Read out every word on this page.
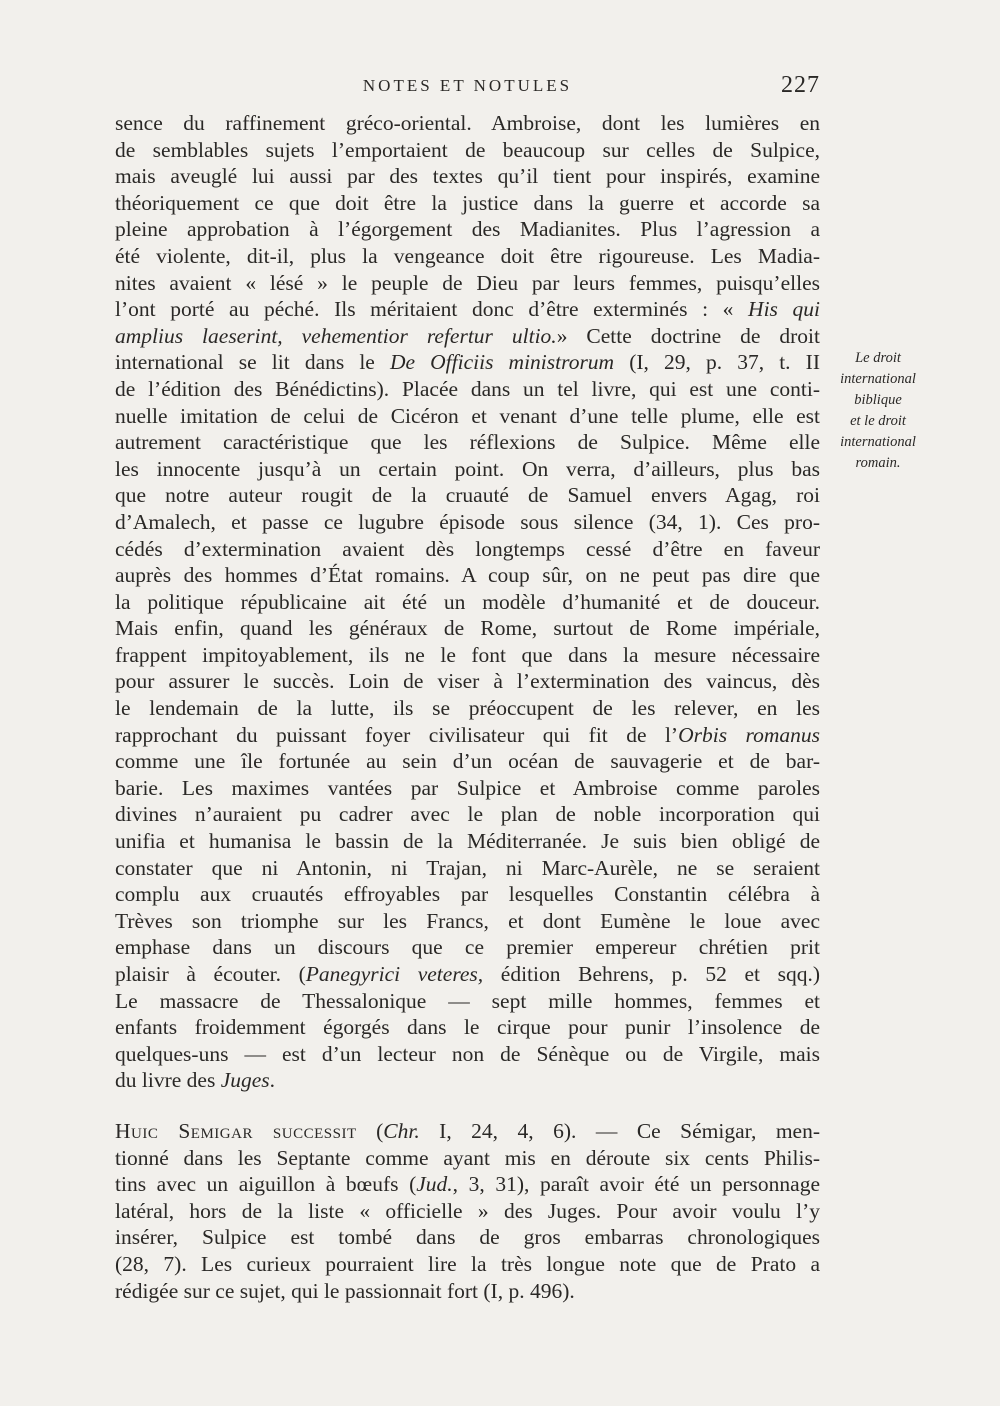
NOTES ET NOTULES	227
sence du raffinement gréco-oriental. Ambroise, dont les lumières en
de semblables sujets l’emportaient de beaucoup sur celles de Sulpice,
mais aveuglé lui aussi par des textes qu’il tient pour inspirés, examine
théoriquement ce que doit être la justice dans la guerre et accorde sa
pleine approbation à l’égorgement des Madianites. Plus l’agression a
été violente, dit-il, plus la vengeance doit être rigoureuse. Les Madia-
nites avaient « lésé » le peuple de Dieu par leurs femmes, puisqu’elles
l’ont porté au péché. Ils méritaient donc d’être exterminés : « His qui
amplius laeserint, vehementior refertur ultio.» Cette doctrine de droit
international se lit dans le De Officiis ministrorum (I, 29, p. 37, t. II
de l’édition des Bénédictins). Placée dans un tel livre, qui est une conti-
nuelle imitation de celui de Cicéron et venant d’une telle plume, elle est
autrement caractéristique que les réflexions de Sulpice. Même elle
les innocente jusqu’à un certain point. On verra, d’ailleurs, plus bas
que notre auteur rougit de la cruauté de Samuel envers Agag, roi
d’Amalech, et passe ce lugubre épisode sous silence (34, 1). Ces pro-
cédés d’extermination avaient dès longtemps cessé d’être en faveur
auprès des hommes d’État romains. A coup sûr, on ne peut pas dire que
la politique républicaine ait été un modèle d’humanité et de douceur.
Mais enfin, quand les généraux de Rome, surtout de Rome impériale,
frappent impitoyablement, ils ne le font que dans la mesure nécessaire
pour assurer le succès. Loin de viser à l’extermination des vaincus, dès
le lendemain de la lutte, ils se préoccupent de les relever, en les
rapprochant du puissant foyer civilisateur qui fit de l’Orbis romanus
comme une île fortunée au sein d’un océan de sauvagerie et de bar-
barie. Les maximes vantées par Sulpice et Ambroise comme paroles
divines n’auraient pu cadrer avec le plan de noble incorporation qui
unifia et humanisa le bassin de la Méditerranée. Je suis bien obligé de
constater que ni Antonin, ni Trajan, ni Marc-Aurèle, ne se seraient
complu aux cruautés effroyables par lesquelles Constantin célébra à
Trèves son triomphe sur les Francs, et dont Eumène le loue avec
emphase dans un discours que ce premier empereur chrétien prit
plaisir à écouter. (Panegyrici veteres, édition Behrens, p. 52 et sqq.)
Le massacre de Thessalonique — sept mille hommes, femmes et
enfants froidemment égorgés dans le cirque pour punir l’insolence de
quelques-uns — est d’un lecteur non de Sénèque ou de Virgile, mais
du livre des Juges.
Huic Semigar successit (Chr. I, 24, 4, 6). — Ce Sémigar, men-
tionné dans les Septante comme ayant mis en déroute six cents Philis-
tins avec un aiguillon à bœufs (Jud., 3, 31), paraît avoir été un personnage
latéral, hors de la liste « officielle » des Juges. Pour avoir voulu l’y
insérer, Sulpice est tombé dans de gros embarras chronologiques
(28, 7). Les curieux pourraient lire la très longue note que de Prato a
rédigée sur ce sujet, qui le passionnait fort (I, p. 496).
Le droit
international
biblique
et le droit
international
romain.
